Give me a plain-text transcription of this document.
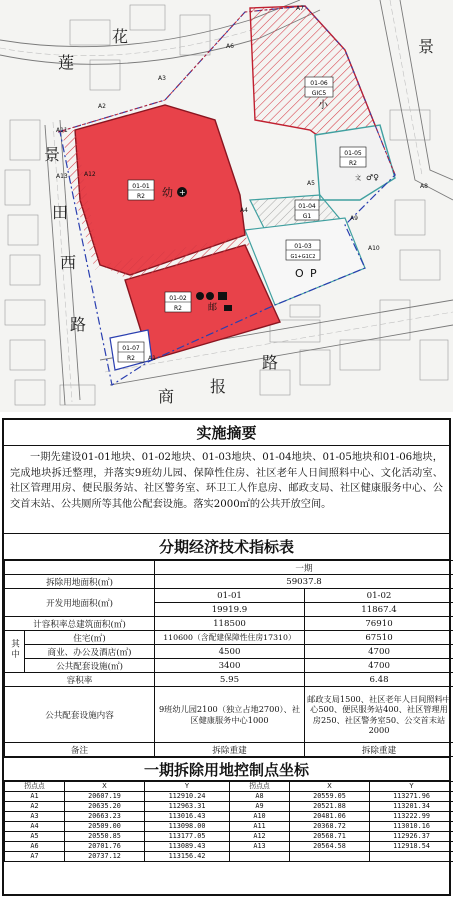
01-01
R2
01-02
R2
01-03
G1+G1C2
01-04
G1
01-05
R2
01-06
GIC5
01-07
R2
幼 +
小
邮
文 ♂♀
O P
莲
花
景
田
西
路
景
商
报
路
A1
A2
A3
A4
A5
A6
A7
A8
A9
A10
A11
A12
A13
实施摘要
一期先建设01-01地块、01-02地块、01-03地块、01-04地块、01-05地块和01-06地块，完成地块拆迁整理，并落实9班幼儿园、保障性住房、社区老年人日间照料中心、文化活动室、社区管理用房、便民服务站、社区警务室、环卫工人作息房、邮政支局、社区健康服务中心、公交首末站、公共厕所等其他公配套设施。落实2000㎡的公共开放空间。
分期经济技术指标表
		一期	
拆除用地面积(㎡)		59037.8	
开发用地面积(㎡)		01-01	01-02
		19919.9	11867.4
计容积率总建筑面积(㎡)		118500	76910
其中	住宅(㎡)	110600（含配建保障性住房17310）	67510
	商业、办公及酒店(㎡)	4500	4700
	公共配套设施(㎡)	3400	4700
容积率		5.95	6.48
公共配套设施内容		9班幼儿园2100（独立占地2700）、社区健康服务中心1000	邮政支局1500、社区老年人日间照料中心500、便民服务站400、社区管理用房250、社区警务室50、公交首末站2000
备注		拆除重建	拆除重建
一期拆除用地控制点坐标
拐点点	X	Y	拐点点	X	Y
A1	20607.19	112910.24	A8	20559.05	113271.96
A2	20635.20	112963.31	A9	20521.88	113201.34
A3	20663.23	113016.43	A10	20481.06	113222.99
A4	20509.00	113098.00	A11	20368.72	113010.16
A5	20550.85	113177.05	A12	20568.71	112926.37
A6	20701.76	113089.43	A13	20564.58	112918.54
A7	20737.12	113156.42			
